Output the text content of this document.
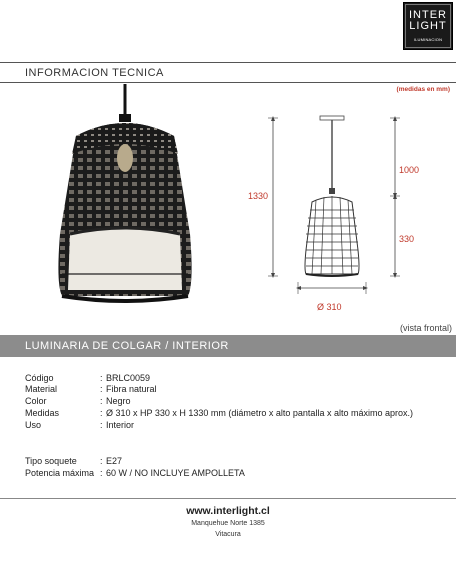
INTER
LIGHT
ILUMINACION
INFORMACION TECNICA
(medidas en mm)
1330
1000
330
Ø 310
(vista frontal)
LUMINARIA DE COLGAR / INTERIOR
Código	: BRLC0059
Material	: Fibra natural
Color	: Negro
Medidas	: Ø 310 x HP 330 x H 1330 mm (diámetro x alto pantalla x alto máximo aprox.)
Uso	: Interior
Tipo soquete	: E27
Potencia máxima : 60 W / NO INCLUYE AMPOLLETA
www.interlight.cl
Manquehue Norte 1385
Vitacura
